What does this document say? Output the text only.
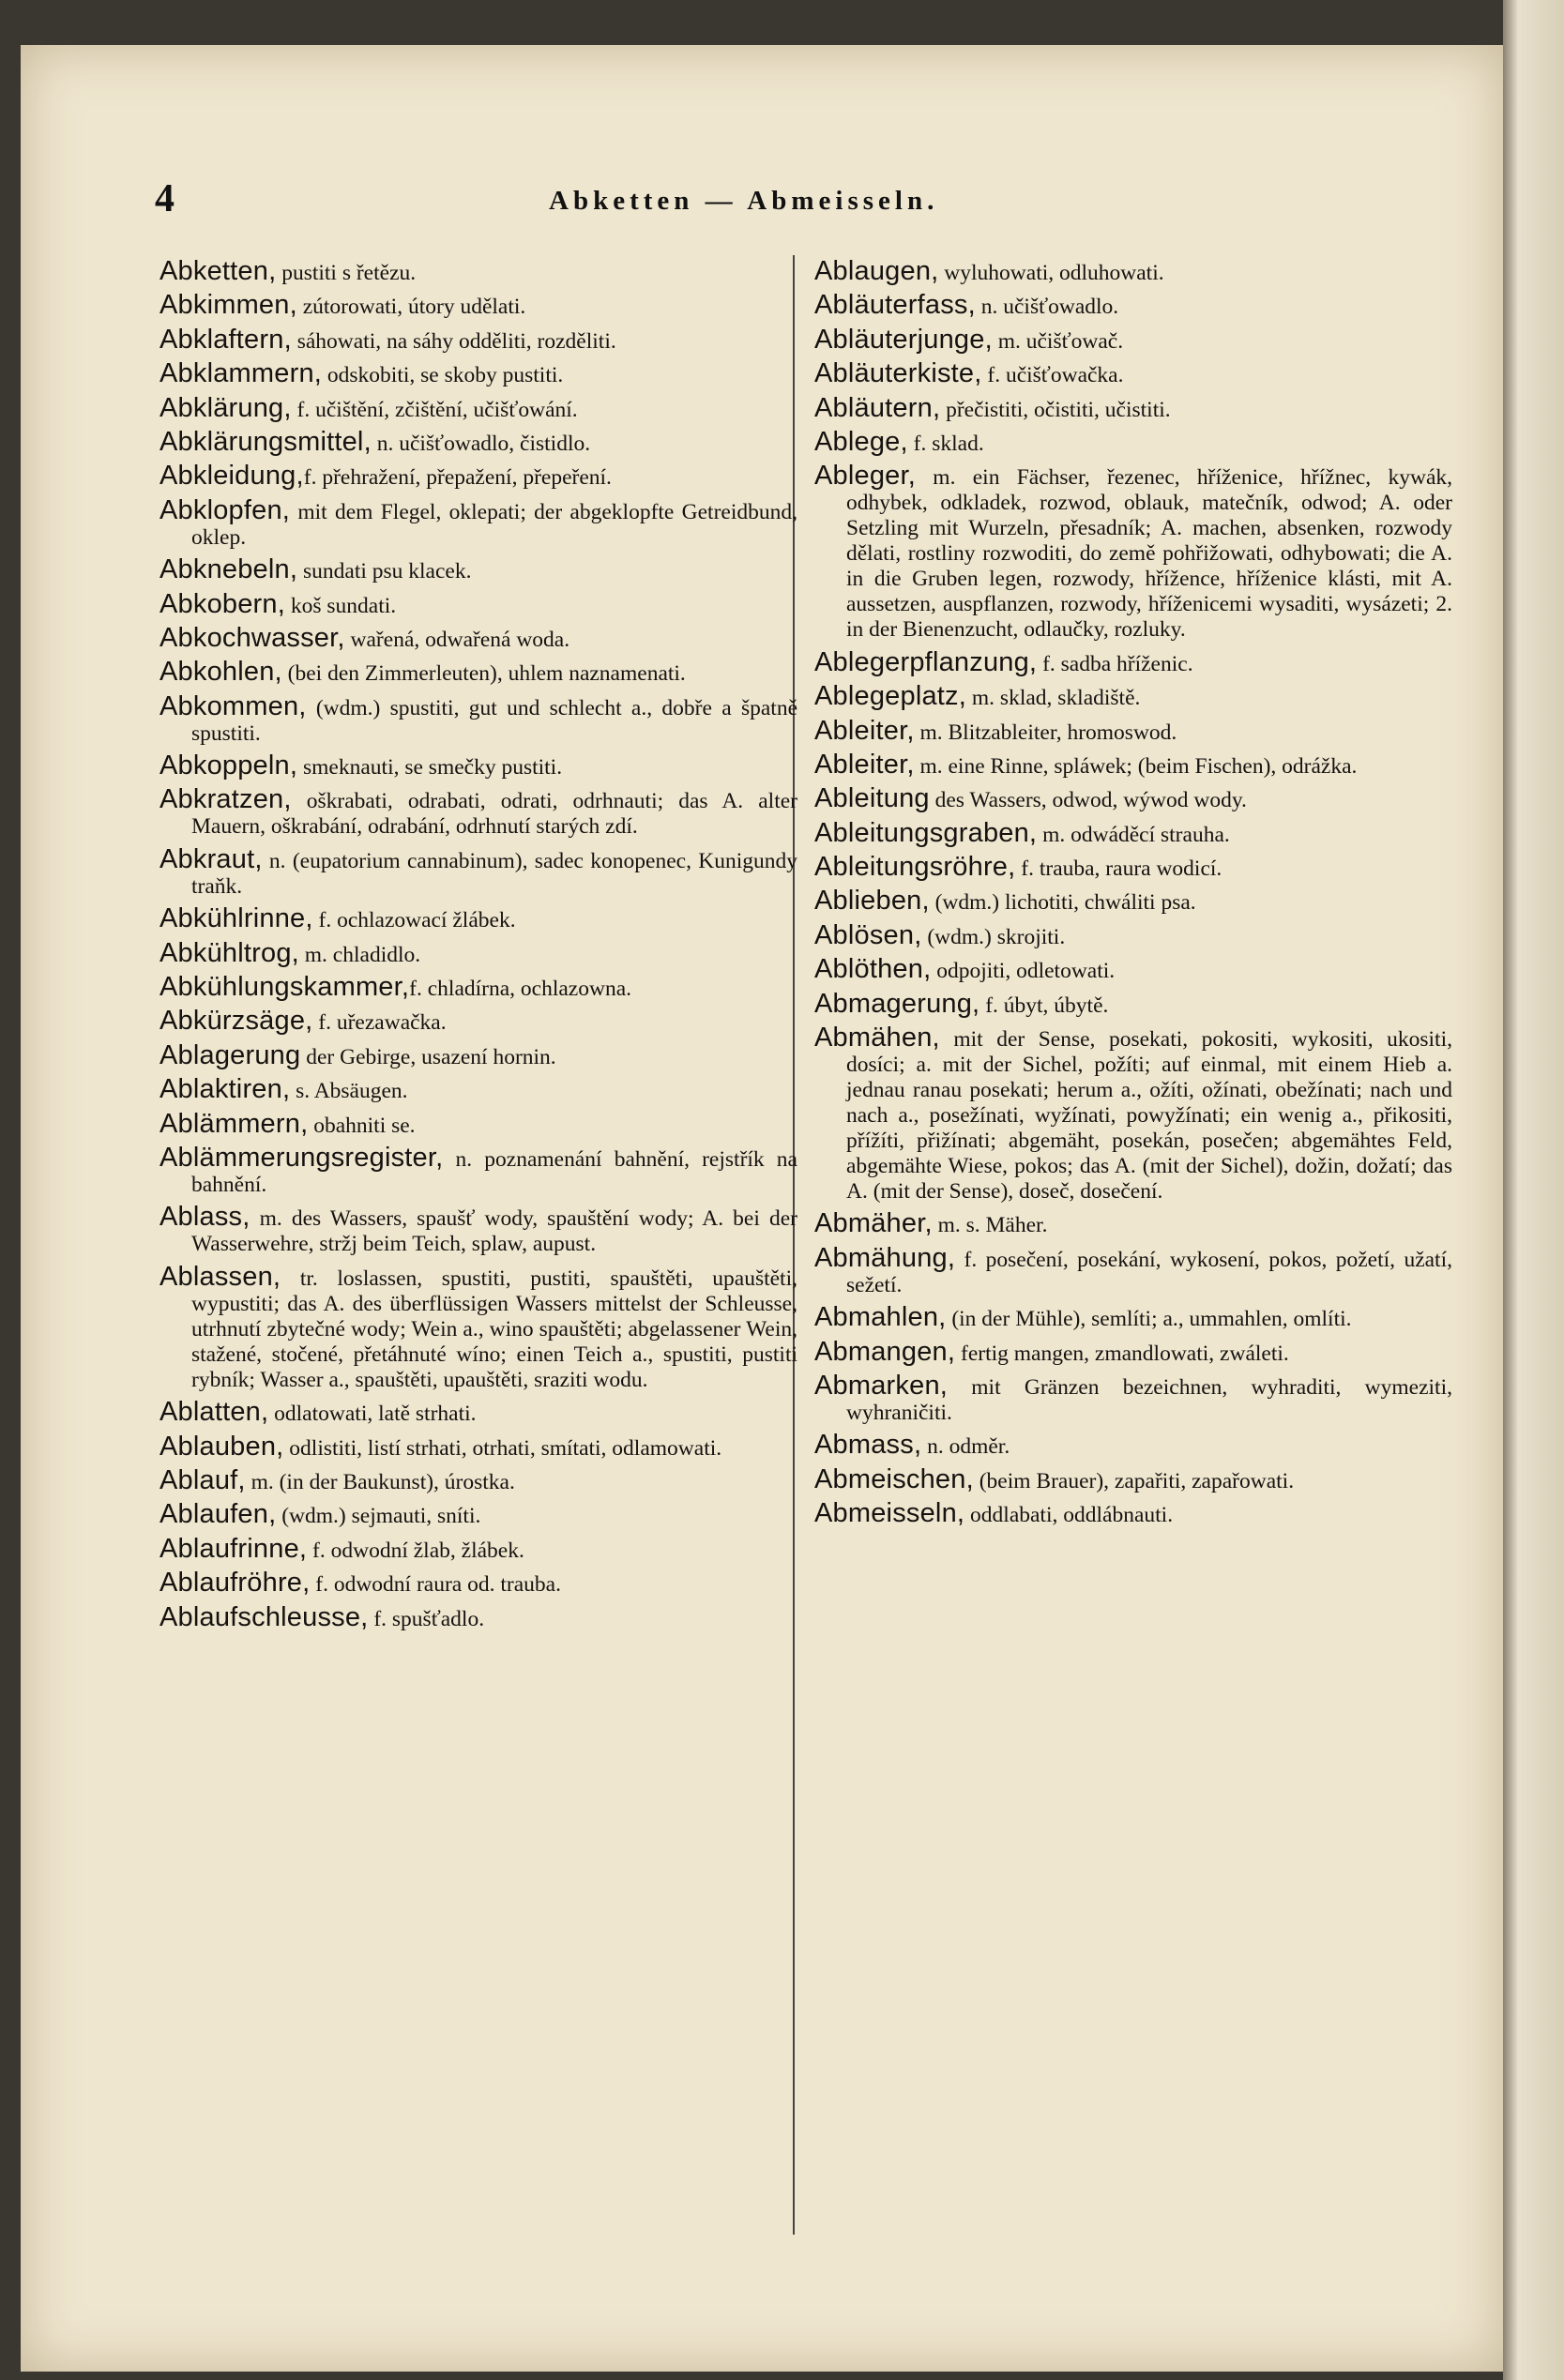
4	Abketten — Abmeisseln.

Abketten, pustiti s řetězu.

Abkimmen, zútorowati, útory udělati.

Abklaftern, sáhowati, na sáhy odděliti, rozděliti.

Abklammern, odskobiti, se skoby pustiti.

Abklärung, f. učištění, zčištění, učišťowání.

Abklärungsmittel, n. učišťowadlo, čistidlo.

Abkleidung,f. přehražení, přepažení, přepeření.

Abklopfen, mit dem Flegel, oklepati; der abgeklopfte Getreidbund, oklep.

Abknebeln, sundati psu klacek.

Abkobern, koš sundati.

Abkochwasser, wařená, odwařená woda.

Abkohlen, (bei den Zimmerleuten), uhlem naznamenati.

Abkommen, (wdm.) spustiti, gut und schlecht a., dobře a špatně spustiti.

Abkoppeln, smeknauti, se smečky pustiti.

Abkratzen, oškrabati, odrabati, odrati, odrhnauti; das A. alter Mauern, oškrabání, odrabání, odrhnutí starých zdí.

Abkraut, n. (eupatorium cannabinum), sadec konopenec, Kunigundy traňk.

Abkühlrinne, f. ochlazowací žlábek.

Abkühltrog, m. chladidlo.

Abkühlungskammer,f. chladírna, ochlazowna.

Abkürzsäge, f. uřezawačka.

Ablagerung der Gebirge, usazení hornin.

Ablaktiren, s. Absäugen.

Ablämmern, obahniti se.

Ablämmerungsregister, n. poznamenání bahnění, rejstřík na bahnění.

Ablass, m. des Wassers, spaušť wody, spauštění wody; A. bei der Wasserwehre, stržj beim Teich, splaw, aupust.

Ablassen, tr. loslassen, spustiti, pustiti, spauštěti, upauštěti, wypustiti; das A. des überflüssigen Wassers mittelst der Schleusse, utrhnutí zbytečné wody; Wein a., wino spauštěti; abgelassener Wein, stažené, stočené, přetáhnuté wíno; einen Teich a., spustiti, pustiti rybník; Wasser a., spauštěti, upauštěti, sraziti wodu.

Ablatten, odlatowati, latě strhati.

Ablauben, odlistiti, listí strhati, otrhati, smítati, odlamowati.

Ablauf, m. (in der Baukunst), úrostka.

Ablaufen, (wdm.) sejmauti, sníti.

Ablaufrinne, f. odwodní žlab, žlábek.

Ablaufröhre, f. odwodní raura od. trauba.

Ablaufschleusse, f. spušťadlo.

Ablaugen, wyluhowati, odluhowati.

Abläuterfass, n. učišťowadlo.

Abläuterjunge, m. učišťowač.

Abläuterkiste, f. učišťowačka.

Abläutern, přečistiti, očistiti, učistiti.

Ablege, f. sklad.

Ableger, m. ein Fächser, řezenec, hříženice, hřížnec, kywák, odhybek, odkladek, rozwod, oblauk, matečník, odwod; A. oder Setzling mit Wurzeln, přesadník; A. machen, absenken, rozwody dělati, rostliny rozwoditi, do země pohřižowati, odhybowati; die A. in die Gruben legen, rozwody, hřížence, hříženice klásti, mit A. aussetzen, auspflanzen, rozwody, hříženicemi wysaditi, wysázeti; 2. in der Bienenzucht, odlaučky, rozluky.

Ablegerpflanzung, f. sadba hříženic.

Ablegeplatz, m. sklad, skladiště.

Ableiter, m. Blitzableiter, hromoswod.

Ableiter, m. eine Rinne, spláwek; (beim Fischen), odrážka.

Ableitung des Wassers, odwod, wýwod wody.

Ableitungsgraben, m. odwáděcí strauha.

Ableitungsröhre, f. trauba, raura wodicí.

Ablieben, (wdm.) lichotiti, chwáliti psa.

Ablösen, (wdm.) skrojiti.

Ablöthen, odpojiti, odletowati.

Abmagerung, f. úbyt, úbytě.

Abmähen, mit der Sense, posekati, pokositi, wykositi, ukositi, dosíci; a. mit der Sichel, požíti; auf einmal, mit einem Hieb a. jednau ranau posekati; herum a., ožíti, ožínati, obežínati; nach und nach a., posežínati, wyžínati, powyžínati; ein wenig a., přikositi, přížíti, přižínati; abgemäht, posekán, posečen; abgemähtes Feld, abgemähte Wiese, pokos; das A. (mit der Sichel), dožin, dožatí; das A. (mit der Sense), doseč, dosečení.

Abmäher, m. s. Mäher.

Abmähung, f. posečení, posekání, wykosení, pokos, požetí, užatí, sežetí.

Abmahlen, (in der Mühle), semlíti; a., ummahlen, omlíti.

Abmangen, fertig mangen, zmandlowati, zwáleti.

Abmarken, mit Gränzen bezeichnen, wyhraditi, wymeziti, wyhraničiti.

Abmass, n. odměr.

Abmeischen, (beim Brauer), zapařiti, zapařowati.

Abmeisseln, oddlabati, oddlábnauti.
